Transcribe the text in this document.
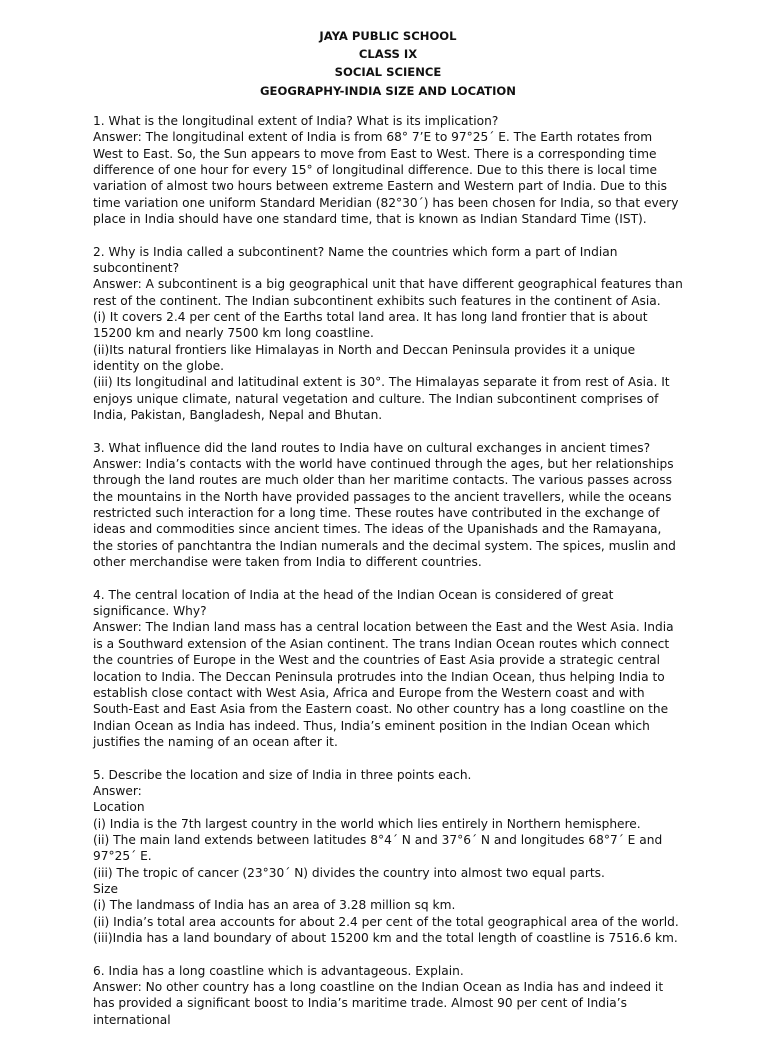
JAYA PUBLIC SCHOOL
CLASS IX
SOCIAL SCIENCE
GEOGRAPHY-INDIA SIZE AND LOCATION
1. What is the longitudinal extent of India? What is its implication?
Answer: The longitudinal extent of India is from 68° 7’E to 97°25´ E. The Earth rotates from West to East. So, the Sun appears to move from East to West. There is a corresponding time difference of one hour for every 15° of longitudinal difference. Due to this there is local time variation of almost two hours between extreme Eastern and Western part of India. Due to this time variation one uniform Standard Meridian (82°30´) has been chosen for India, so that every place in India should have one standard time, that is known as Indian Standard Time (IST).
2. Why is India called a subcontinent? Name the countries which form a part of Indian subcontinent?
Answer: A subcontinent is a big geographical unit that have different geographical features than rest of the continent. The Indian subcontinent exhibits such features in the continent of Asia.
(i) It covers 2.4 per cent of the Earths total land area. It has long land frontier that is about 15200 km and nearly 7500 km long coastline.
(ii)Its natural frontiers like Himalayas in North and Deccan Peninsula provides it a unique identity on the globe.
(iii) Its longitudinal and latitudinal extent is 30°. The Himalayas separate it from rest of Asia. It enjoys unique climate, natural vegetation and culture. The Indian subcontinent comprises of India, Pakistan, Bangladesh, Nepal and Bhutan.
3. What influence did the land routes to India have on cultural exchanges in ancient times?
Answer: India’s contacts with the world have continued through the ages, but her relationships through the land routes are much older than her maritime contacts. The various passes across the mountains in the North have provided passages to the ancient travellers, while the oceans restricted such interaction for a long time. These routes have contributed in the exchange of ideas and commodities since ancient times. The ideas of the Upanishads and the Ramayana, the stories of panchtantra the Indian numerals and the decimal system. The spices, muslin and other merchandise were taken from India to different countries.
4. The central location of India at the head of the Indian Ocean is considered of great significance. Why?
Answer: The Indian land mass has a central location between the East and the West Asia. India is a Southward extension of the Asian continent. The trans Indian Ocean routes which connect the countries of Europe in the West and the countries of East Asia provide a strategic central location to India. The Deccan Peninsula protrudes into the Indian Ocean, thus helping India to establish close contact with West Asia, Africa and Europe from the Western coast and with South-East and East Asia from the Eastern coast. No other country has a long coastline on the Indian Ocean as India has indeed. Thus, India’s eminent position in the Indian Ocean which justifies the naming of an ocean after it.
5. Describe the location and size of India in three points each.
Answer:
Location
(i) India is the 7th largest country in the world which lies entirely in Northern hemisphere.
(ii) The main land extends between latitudes 8°4´ N and 37°6´ N and longitudes 68°7´ E and 97°25´ E.
(iii) The tropic of cancer (23°30´ N) divides the country into almost two equal parts.
Size
(i) The landmass of India has an area of 3.28 million sq km.
(ii) India’s total area accounts for about 2.4 per cent of the total geographical area of the world.
(iii)India has a land boundary of about 15200 km and the total length of coastline is 7516.6 km.
6. India has a long coastline which is advantageous. Explain.
Answer: No other country has a long coastline on the Indian Ocean as India has and indeed it has provided a significant boost to India’s maritime trade. Almost 90 per cent of India’s international
